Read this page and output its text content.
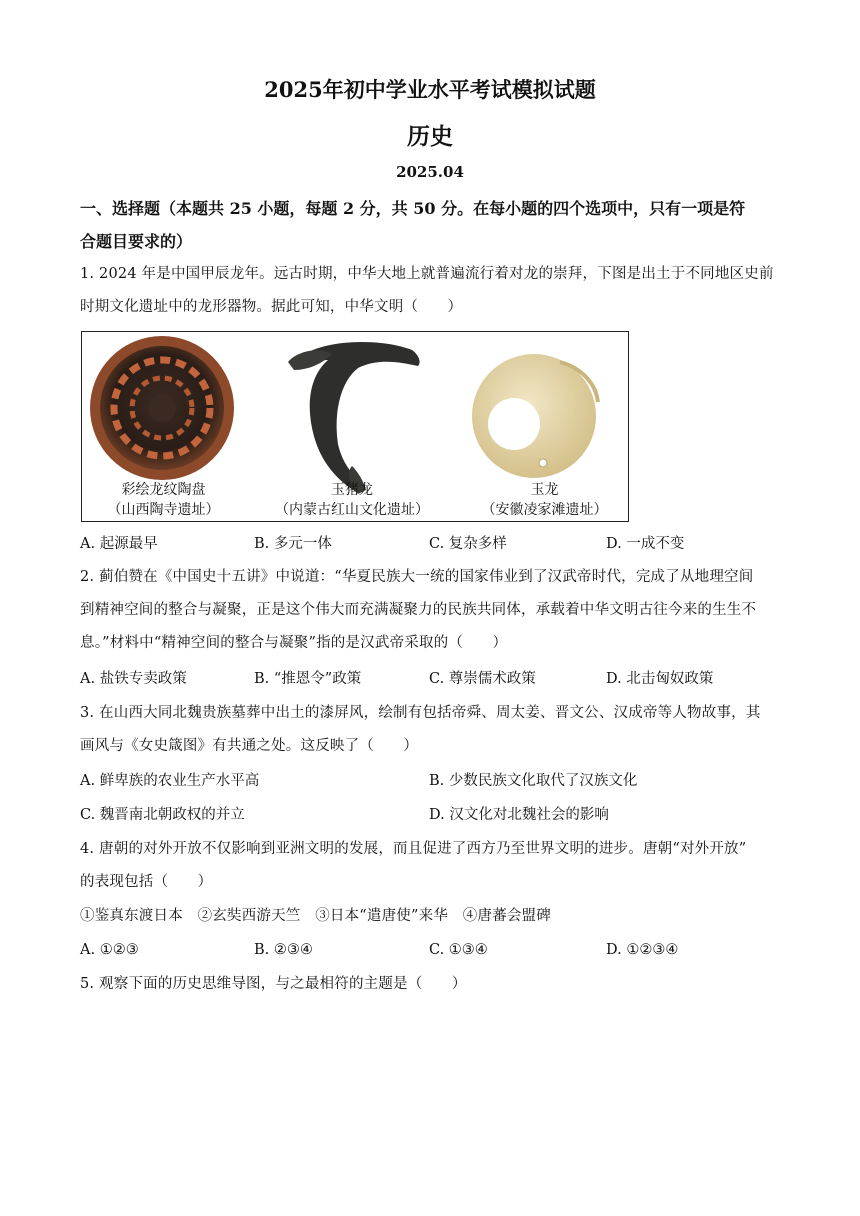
2025年初中学业水平考试模拟试题
历史
2025.04
一、选择题（本题共 25 小题，每题 2 分，共 50 分。在每小题的四个选项中，只有一项是符
合题目要求的）
1. 2024 年是中国甲辰龙年。远古时期，中华大地上就普遍流行着对龙的崇拜，下图是出土于不同地区史前
时期文化遗址中的龙形器物。据此可知，中华文明（　　）
彩绘龙纹陶盘
（山西陶寺遗址）
玉猪龙
（内蒙古红山文化遗址）
玉龙
（安徽凌家滩遗址）
A. 起源最早	B. 多元一体	C. 复杂多样	D. 一成不变
2. 蓟伯赞在《中国史十五讲》中说道：“华夏民族大一统的国家伟业到了汉武帝时代，完成了从地理空间
到精神空间的整合与凝聚，正是这个伟大而充满凝聚力的民族共同体，承载着中华文明古往今来的生生不
息。”材料中“精神空间的整合与凝聚”指的是汉武帝采取的（　　）
A. 盐铁专卖政策	B. “推恩令”政策	C. 尊崇儒术政策	D. 北击匈奴政策
3. 在山西大同北魏贵族墓葬中出土的漆屏风，绘制有包括帝舜、周太姜、晋文公、汉成帝等人物故事，其
画风与《女史箴图》有共通之处。这反映了（　　）
A. 鲜卑族的农业生产水平高	B. 少数民族文化取代了汉族文化
C. 魏晋南北朝政权的并立	D. 汉文化对北魏社会的影响
4. 唐朝的对外开放不仅影响到亚洲文明的发展，而且促进了西方乃至世界文明的进步。唐朝“对外开放”
的表现包括（　　）
①鉴真东渡日本　②玄奘西游天竺　③日本“遣唐使”来华　④唐蕃会盟碑
A. ①②③	B. ②③④	C. ①③④	D. ①②③④
5. 观察下面的历史思维导图，与之最相符的主题是（　　）
